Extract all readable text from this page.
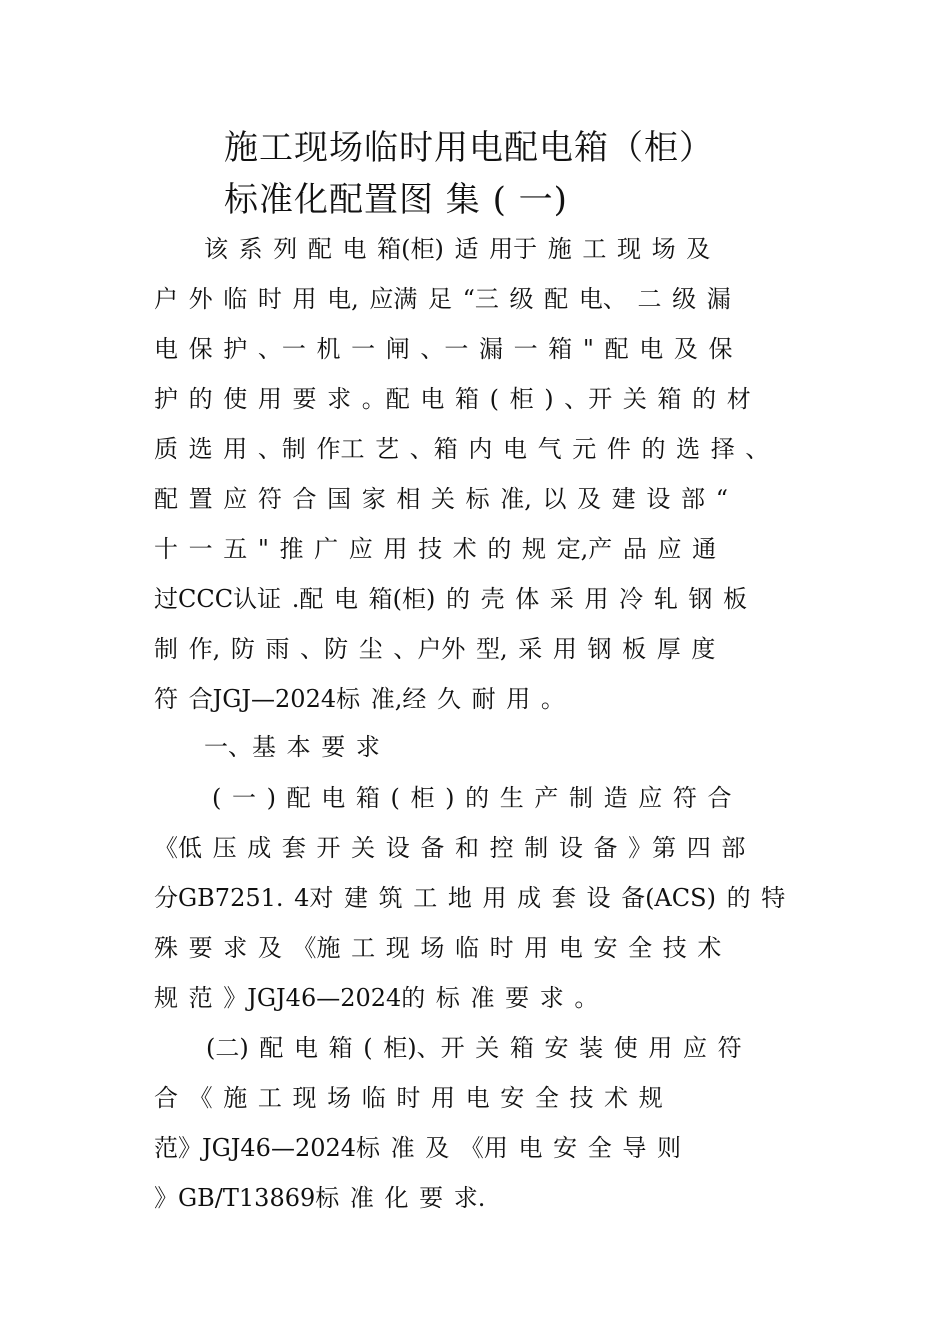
施工现场临时用电配电箱（柜）
标准化配置图 集 ( 一)
该 系 列 配 电 箱(柜) 适 用于 施 工 现 场 及
户 外 临 时 用 电, 应满 足 “三 级 配 电、 二 级 漏
电 保 护 、一 机 一 闸 、一 漏 一 箱 " 配 电 及 保
护 的 使 用 要 求 。配 电 箱 ( 柜 ) 、开 关 箱 的 材
质 选 用 、制 作工 艺 、箱 内 电 气 元 件 的 选 择 、
配 置 应 符 合 国 家 相 关 标 准, 以 及 建 设 部 “
十 一 五 " 推 广 应 用 技 术 的 规 定,产 品 应 通
过CCC认证 .配 电 箱(柜) 的 壳 体 采 用 冷 轧 钢 板
制 作, 防 雨 、防 尘 、户外 型, 采 用 钢 板 厚 度
符 合JGJ—2024标 准,经 久 耐 用 。
一、基 本 要 求
( 一 ) 配 电 箱 ( 柜 ) 的 生 产 制 造 应 符 合
《低 压 成 套 开 关 设 备 和 控 制 设 备 》第 四 部
分GB7251. 4对 建 筑 工 地 用 成 套 设 备(ACS) 的 特
殊 要 求 及 《施 工 现 场 临 时 用 电 安 全 技 术
规 范 》JGJ46—2024的 标 准 要 求 。
(二) 配 电 箱 ( 柜)、开 关 箱 安 装 使 用 应 符
合 《 施 工 现 场 临 时 用 电 安 全 技 术 规
范》JGJ46—2024标 准 及 《用 电 安 全 导 则
》GB/T13869标 准 化 要 求.
